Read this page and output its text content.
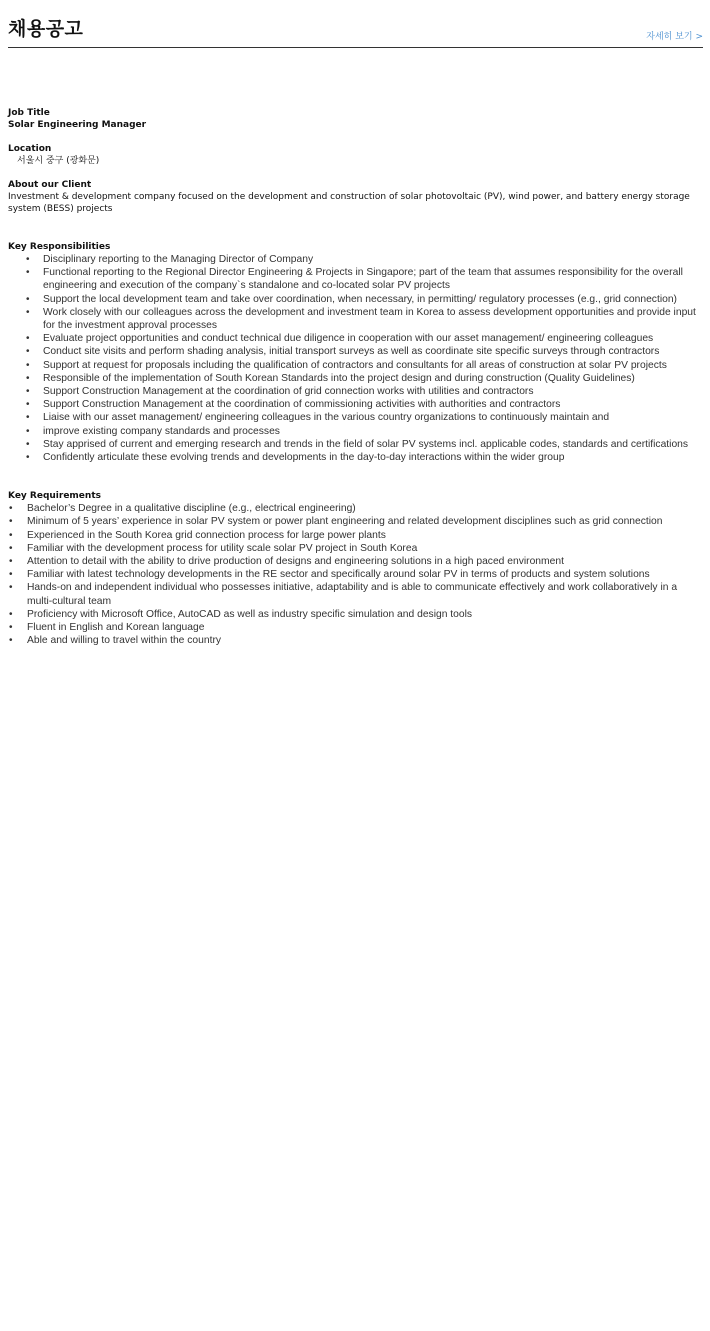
채용공고	자세히 보기 >
Job Title
Solar Engineering Manager
Location
서울시 중구 (광화문)
About our Client
Investment & development company focused on the development and construction of solar photovoltaic (PV), wind power, and battery energy storage system (BESS) projects
Key Responsibilities
• Disciplinary reporting to the Managing Director of Company
• Functional reporting to the Regional Director Engineering & Projects in Singapore; part of the team that assumes responsibility for the overall engineering and execution of the company`s standalone and co-located solar PV projects
• Support the local development team and take over coordination, when necessary, in permitting/ regulatory processes (e.g., grid connection)
• Work closely with our colleagues across the development and investment team in Korea to assess development opportunities and provide input for the investment approval processes
• Evaluate project opportunities and conduct technical due diligence in cooperation with our asset management/ engineering colleagues
• Conduct site visits and perform shading analysis, initial transport surveys as well as coordinate site specific surveys through contractors
• Support at request for proposals including the qualification of contractors and consultants for all areas of construction at solar PV projects
• Responsible of the implementation of South Korean Standards into the project design and during construction (Quality Guidelines)
• Support Construction Management at the coordination of grid connection works with utilities and contractors
• Support Construction Management at the coordination of commissioning activities with authorities and contractors
• Liaise with our asset management/ engineering colleagues in the various country organizations to continuously maintain and
• improve existing company standards and processes
• Stay apprised of current and emerging research and trends in the field of solar PV systems incl. applicable codes, standards and certifications
• Confidently articulate these evolving trends and developments in the day-to-day interactions within the wider group
Key Requirements
• Bachelor’s Degree in a qualitative discipline (e.g., electrical engineering)
• Minimum of 5 years’ experience in solar PV system or power plant engineering and related development disciplines such as grid connection
• Experienced in the South Korea grid connection process for large power plants
• Familiar with the development process for utility scale solar PV project in South Korea
• Attention to detail with the ability to drive production of designs and engineering solutions in a high paced environment
• Familiar with latest technology developments in the RE sector and specifically around solar PV in terms of products and system solutions
• Hands-on and independent individual who possesses initiative, adaptability and is able to communicate effectively and work collaboratively in a multi-cultural team
• Proficiency with Microsoft Office, AutoCAD as well as industry specific simulation and design tools
• Fluent in English and Korean language
• Able and willing to travel within the country
